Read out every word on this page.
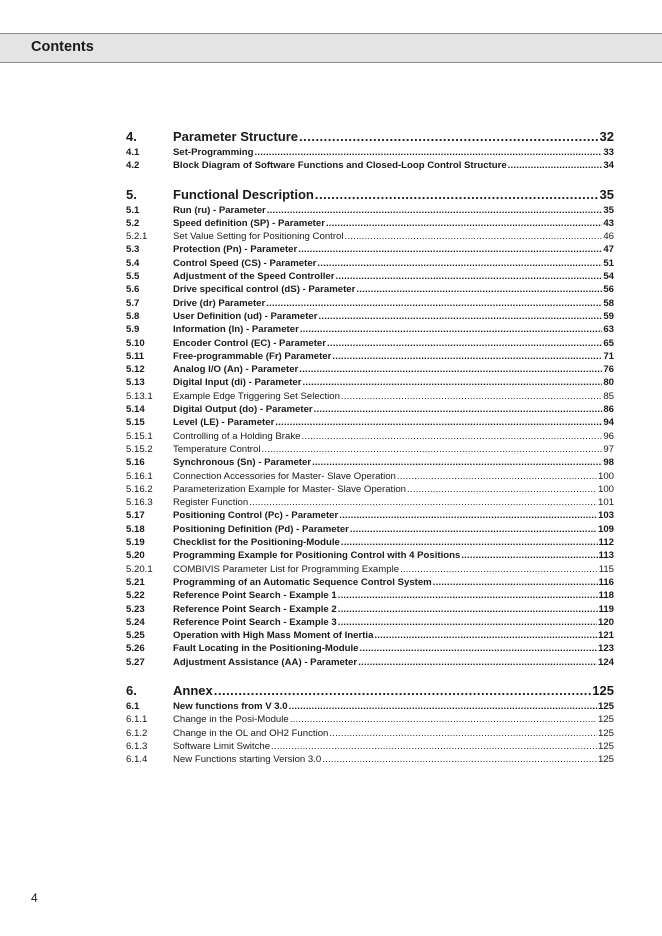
Contents
4.	Parameter Structure .....	32
4.1	Set-Programming .....	33
4.2	Block Diagram of Software Functions and Closed-Loop Control Structure .....	34
5.	Functional Description .....	35
5.1	Run (ru) - Parameter .....	35
5.2	Speed definition (SP) - Parameter .....	43
5.2.1	Set Value Setting for Positioning Control .....	46
5.3	Protection (Pn) - Parameter .....	47
5.4	Control Speed (CS) - Parameter .....	51
5.5	Adjustment of the Speed Controller .....	54
5.6	Drive specifical control (dS) - Parameter .....	56
5.7	Drive (dr) Parameter .....	58
5.8	User Definition (ud) - Parameter .....	59
5.9	Information (In) - Parameter .....	63
5.10	Encoder Control (EC) - Parameter .....	65
5.11	Free-programmable (Fr) Parameter .....	71
5.12	Analog I/O (An) - Parameter .....	76
5.13	Digital Input (di) - Parameter .....	80
5.13.1	Example Edge Triggering Set Selection .....	85
5.14	Digital Output (do) - Parameter .....	86
5.15	Level (LE) - Parameter .....	94
5.15.1	Controlling of a Holding Brake .....	96
5.15.2	Temperature Control .....	97
5.16	Synchronous (Sn) - Parameter .....	98
5.16.1	Connection Accessories for Master- Slave Operation .....	100
5.16.2	Parameterization Example for Master- Slave Operation .....	100
5.16.3	Register Function .....	101
5.17	Positioning Control (Pc) - Parameter .....	103
5.18	Positioning Definition (Pd) - Parameter .....	109
5.19	Checklist for the Positioning-Module .....	112
5.20	Programming Example for Positioning Control with 4 Positions .....	113
5.20.1	COMBIVIS Parameter List for Programming Example .....	115
5.21	Programming of an Automatic Sequence Control System .....	116
5.22	Reference Point Search - Example 1 .....	118
5.23	Reference Point Search - Example 2 .....	119
5.24	Reference Point Search - Example 3 .....	120
5.25	Operation with High Mass Moment of Inertia .....	121
5.26	Fault Locating in the Positioning-Module .....	123
5.27	Adjustment Assistance (AA) - Parameter .....	124
6.	Annex .....	125
6.1	New functions from V 3.0 .....	125
6.1.1	Change in the Posi-Module .....	125
6.1.2	Change in the OL and OH2 Function .....	125
6.1.3	Software Limit Switche .....	125
6.1.4	New Functions starting Version 3.0 .....	125
4
